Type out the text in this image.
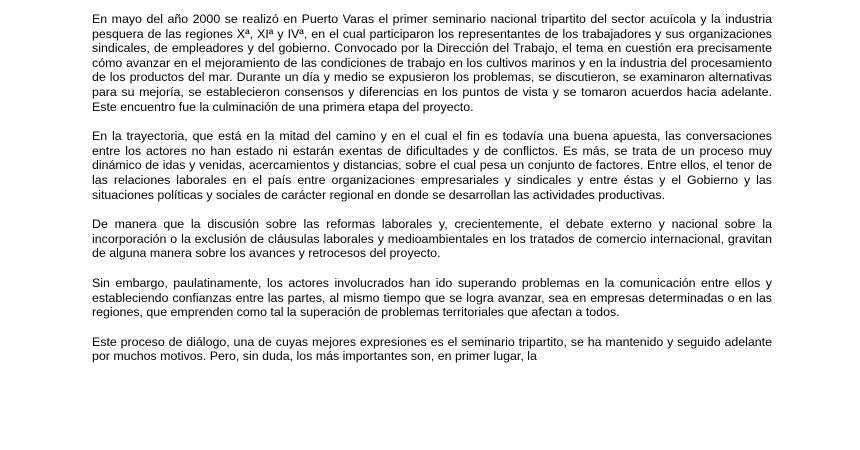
En mayo del año 2000 se realizó en Puerto Varas el primer seminario nacional tripartito del sector acuícola y la industria pesquera de las regiones Xª, XIª y IVª, en el cual participaron los representantes de los trabajadores y sus organizaciones sindicales, de empleadores y del gobierno. Convocado por la Dirección del Trabajo, el tema en cuestión era precisamente cómo avanzar en el mejoramiento de las condiciones de trabajo en los cultivos marinos y en la industria del procesamiento de los productos del mar. Durante un día y medio se expusieron los problemas, se discutieron, se examinaron alternativas para su mejoría, se establecieron consensos y diferencias en los puntos de vista y se tomaron acuerdos hacia adelante. Este encuentro fue la culminación de una primera etapa del proyecto.

En la trayectoria, que está en la mitad del camino y en el cual el fin es todavía una buena apuesta, las conversaciones entre los actores no han estado ni estarán exentas de dificultades y de conflictos. Es más, se trata de un proceso muy dinámico de idas y venidas, acercamientos y distancias, sobre el cual pesa un conjunto de factores. Entre ellos, el tenor de las relaciones laborales en el país entre organizaciones empresariales y sindicales y entre éstas y el Gobierno y las situaciones políticas y sociales de carácter regional en donde se desarrollan las actividades productivas.

De manera que la discusión sobre las reformas laborales y, crecientemente, el debate externo y nacional sobre la incorporación o la exclusión de cláusulas laborales y medioambientales en los tratados de comercio internacional, gravitan de alguna manera sobre los avances y retrocesos del proyecto.

Sin embargo, paulatinamente, los actores involucrados han ido superando problemas en la comunicación entre ellos y estableciendo confianzas entre las partes, al mismo tiempo que se logra avanzar, sea en empresas determinadas o en las regiones, que emprenden como tal la superación de problemas territoriales que afectan a todos.

Este proceso de diálogo, una de cuyas mejores expresiones es el seminario tripartito, se ha mantenido y seguido adelante por muchos motivos. Pero, sin duda, los más importantes son, en primer lugar, la
